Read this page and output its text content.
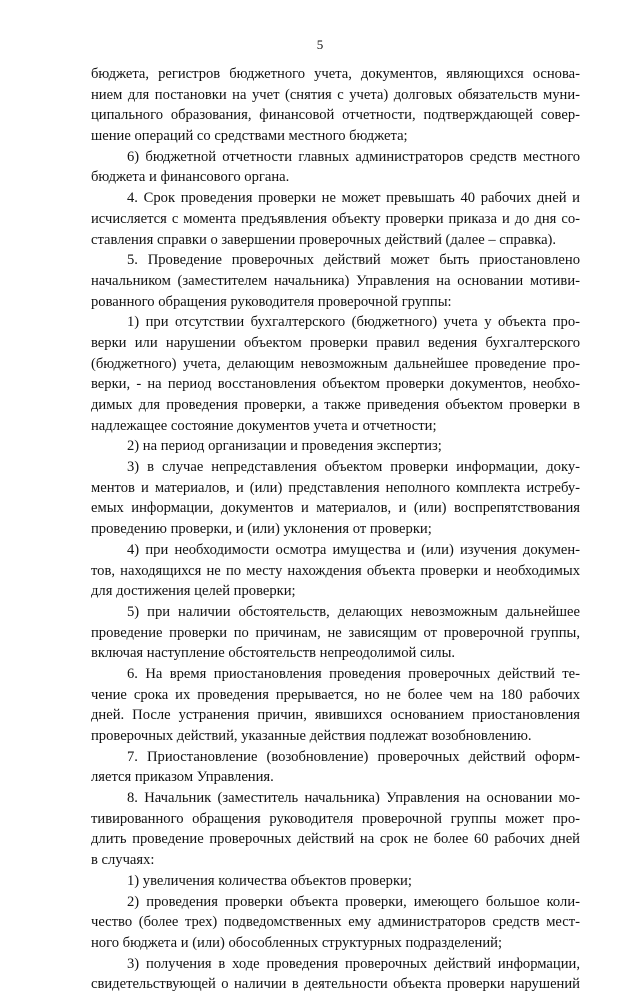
5
бюджета, регистров бюджетного учета, документов, являющихся основа-
нием для постановки на учет (снятия с учета) долговых обязательств муни-
ципального образования, финансовой отчетности, подтверждающей совер-
шение операций со средствами местного бюджета;
6) бюджетной отчетности главных администраторов средств местного
бюджета и финансового органа.
4. Срок проведения проверки не может превышать 40 рабочих дней и
исчисляется с момента предъявления объекту проверки приказа и до дня со-
ставления справки о завершении проверочных действий (далее – справка).
5. Проведение проверочных действий может быть приостановлено
начальником (заместителем начальника) Управления на основании мотиви-
рованного обращения руководителя проверочной группы:
1) при отсутствии бухгалтерского (бюджетного) учета у объекта про-
верки или нарушении объектом проверки правил ведения бухгалтерского
(бюджетного) учета, делающим невозможным дальнейшее проведение про-
верки, - на период восстановления объектом проверки документов, необхо-
димых для проведения проверки, а также приведения объектом проверки в
надлежащее состояние документов учета и отчетности;
2) на период организации и проведения экспертиз;
3) в случае непредставления объектом проверки информации, доку-
ментов и материалов, и (или) представления неполного комплекта истребу-
емых информации, документов и материалов, и (или) воспрепятствования
проведению проверки, и (или) уклонения от проверки;
4) при необходимости осмотра имущества и (или) изучения докумен-
тов, находящихся не по месту нахождения объекта проверки и необходимых
для достижения целей проверки;
5) при наличии обстоятельств, делающих невозможным дальнейшее
проведение проверки по причинам, не зависящим от проверочной группы,
включая наступление обстоятельств непреодолимой силы.
6. На время приостановления проведения проверочных действий те-
чение срока их проведения прерывается, но не более чем на 180 рабочих
дней. После устранения причин, явившихся основанием приостановления
проверочных действий, указанные действия подлежат возобновлению.
7. Приостановление (возобновление) проверочных действий оформ-
ляется приказом Управления.
8. Начальник (заместитель начальника) Управления на основании мо-
тивированного обращения руководителя проверочной группы может про-
длить проведение проверочных действий на срок не более 60 рабочих дней
в случаях:
1) увеличения количества объектов проверки;
2) проведения проверки объекта проверки, имеющего большое коли-
чество (более трех) подведомственных ему администраторов средств мест-
ного бюджета и (или) обособленных структурных подразделений;
3) получения в ходе проведения проверочных действий информации,
свидетельствующей о наличии в деятельности объекта проверки нарушений
